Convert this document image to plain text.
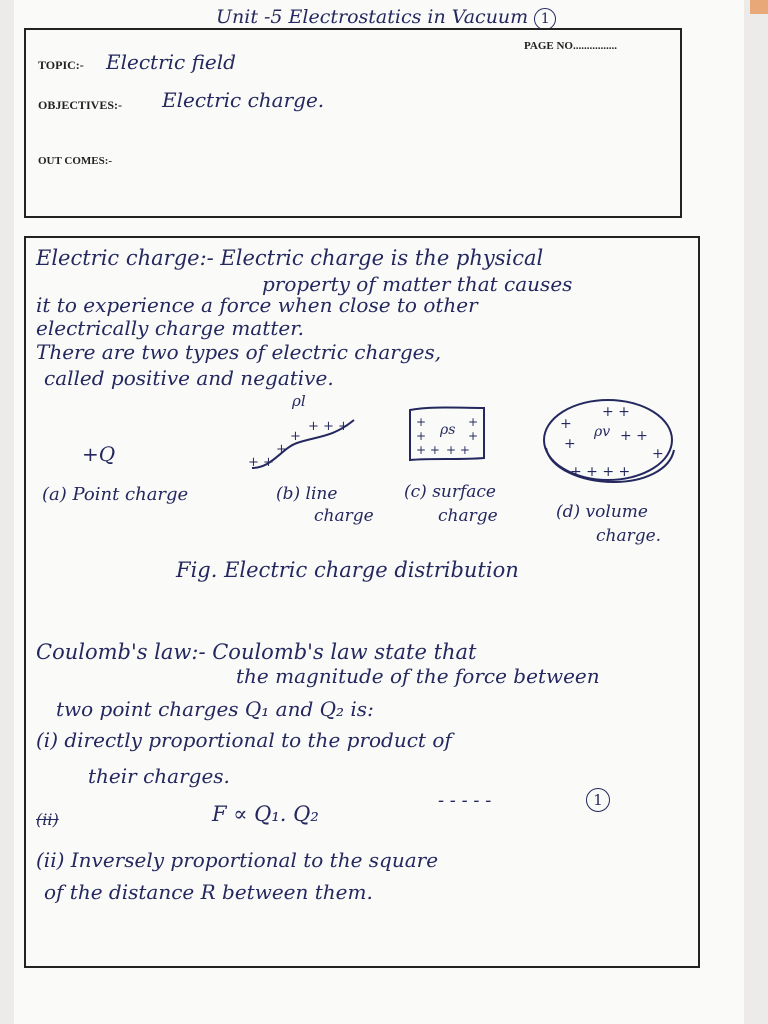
Unit -5 Electrostatics in Vacuum 1
PAGE NO................
TOPIC:- Electric field
OBJECTIVES:- Electric charge.
OUT COMES:-
Electric charge:- Electric charge is the physical
property of matter that causes
it to experience a force when close to other
electrically charge matter.
There are two types of electric charges,
called positive and negative.
+Q
(a) Point charge
+ +
+
+
+ + +
ρl
(b) line
charge
+
+
+ +
+
+
+ +
ρs
(c) surface
charge
+
+ +
+	+ +
+ + + +
+
ρv
(d) volume
charge.
Fig. Electric charge distribution
Coulomb's law:- Coulomb's law state that
the magnitude of the force between
two point charges Q₁ and Q₂ is:
(i) directly proportional to the product of
their charges.
(ii)	F ∝ Q₁. Q₂
- - - - -	1
(ii) Inversely proportional to the square
of the distance R between them.
